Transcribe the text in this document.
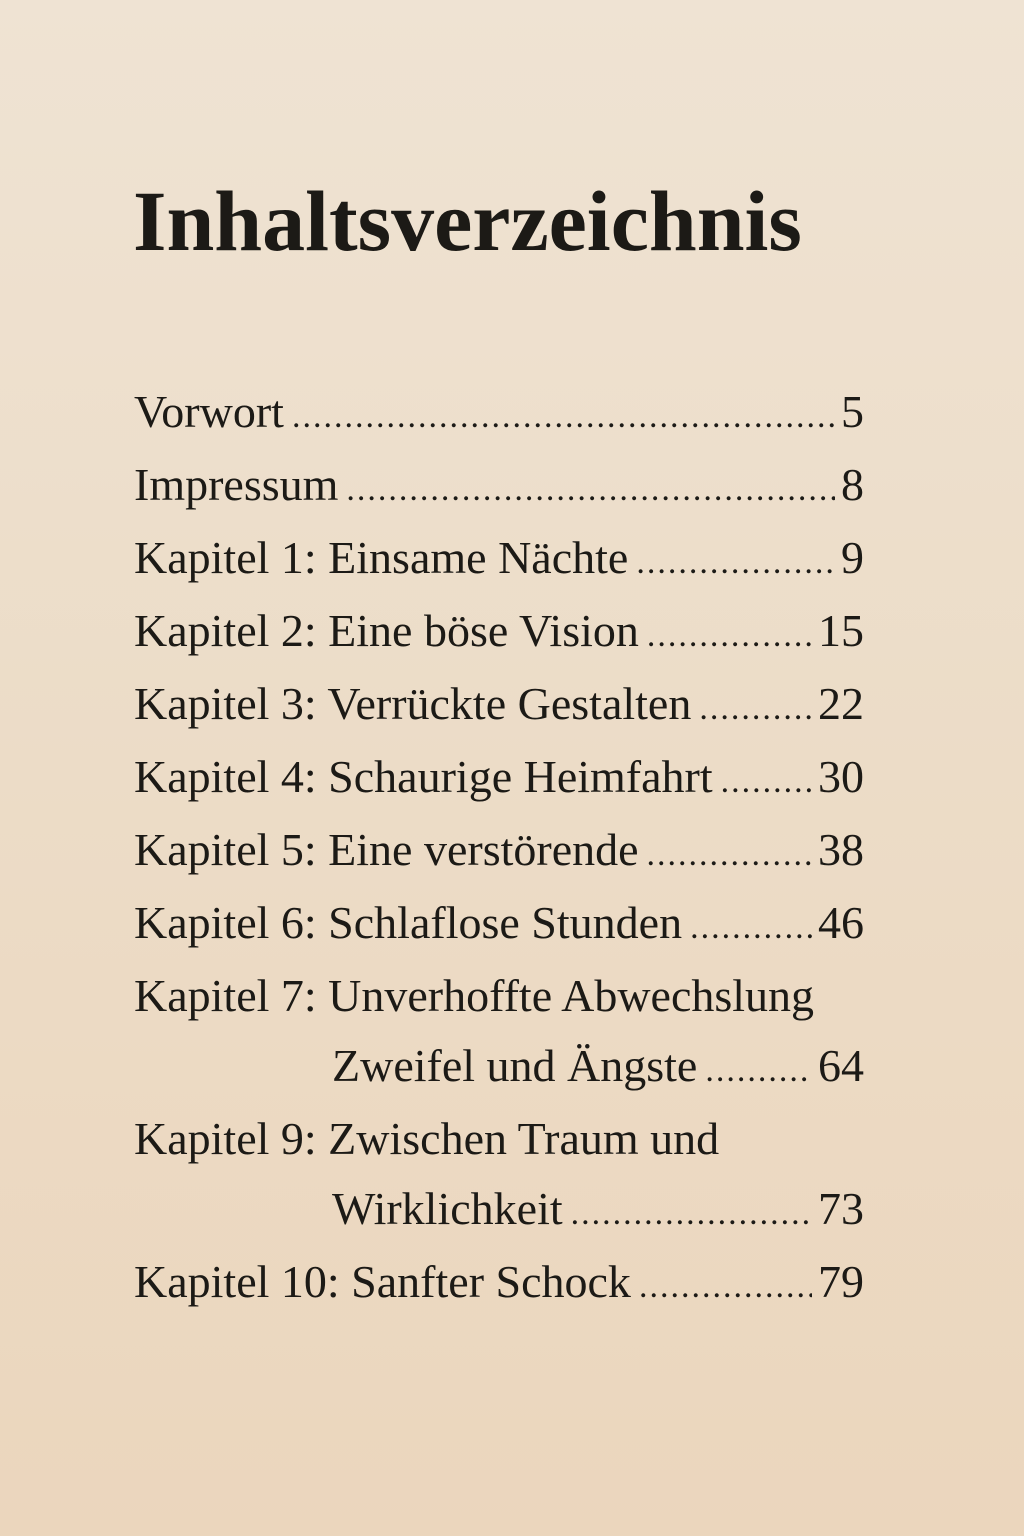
Inhaltsverzeichnis
Vorwort .....	5
Impressum .....	8
Kapitel 1: Einsame Nächte .....	9
Kapitel 2: Eine böse Vision .....	15
Kapitel 3: Verrückte Gestalten .....	22
Kapitel 4: Schaurige Heimfahrt ..... 30
Kapitel 5: Eine verstörende .....	38
Kapitel 6: Schlaflose Stunden .....	46
Kapitel 7: Unverhoffte Abwechslung
Zweifel und Ängste .....	64
Kapitel 9: Zwischen Traum und
Wirklichkeit .....	73
Kapitel 10: Sanfter Schock .....	79
